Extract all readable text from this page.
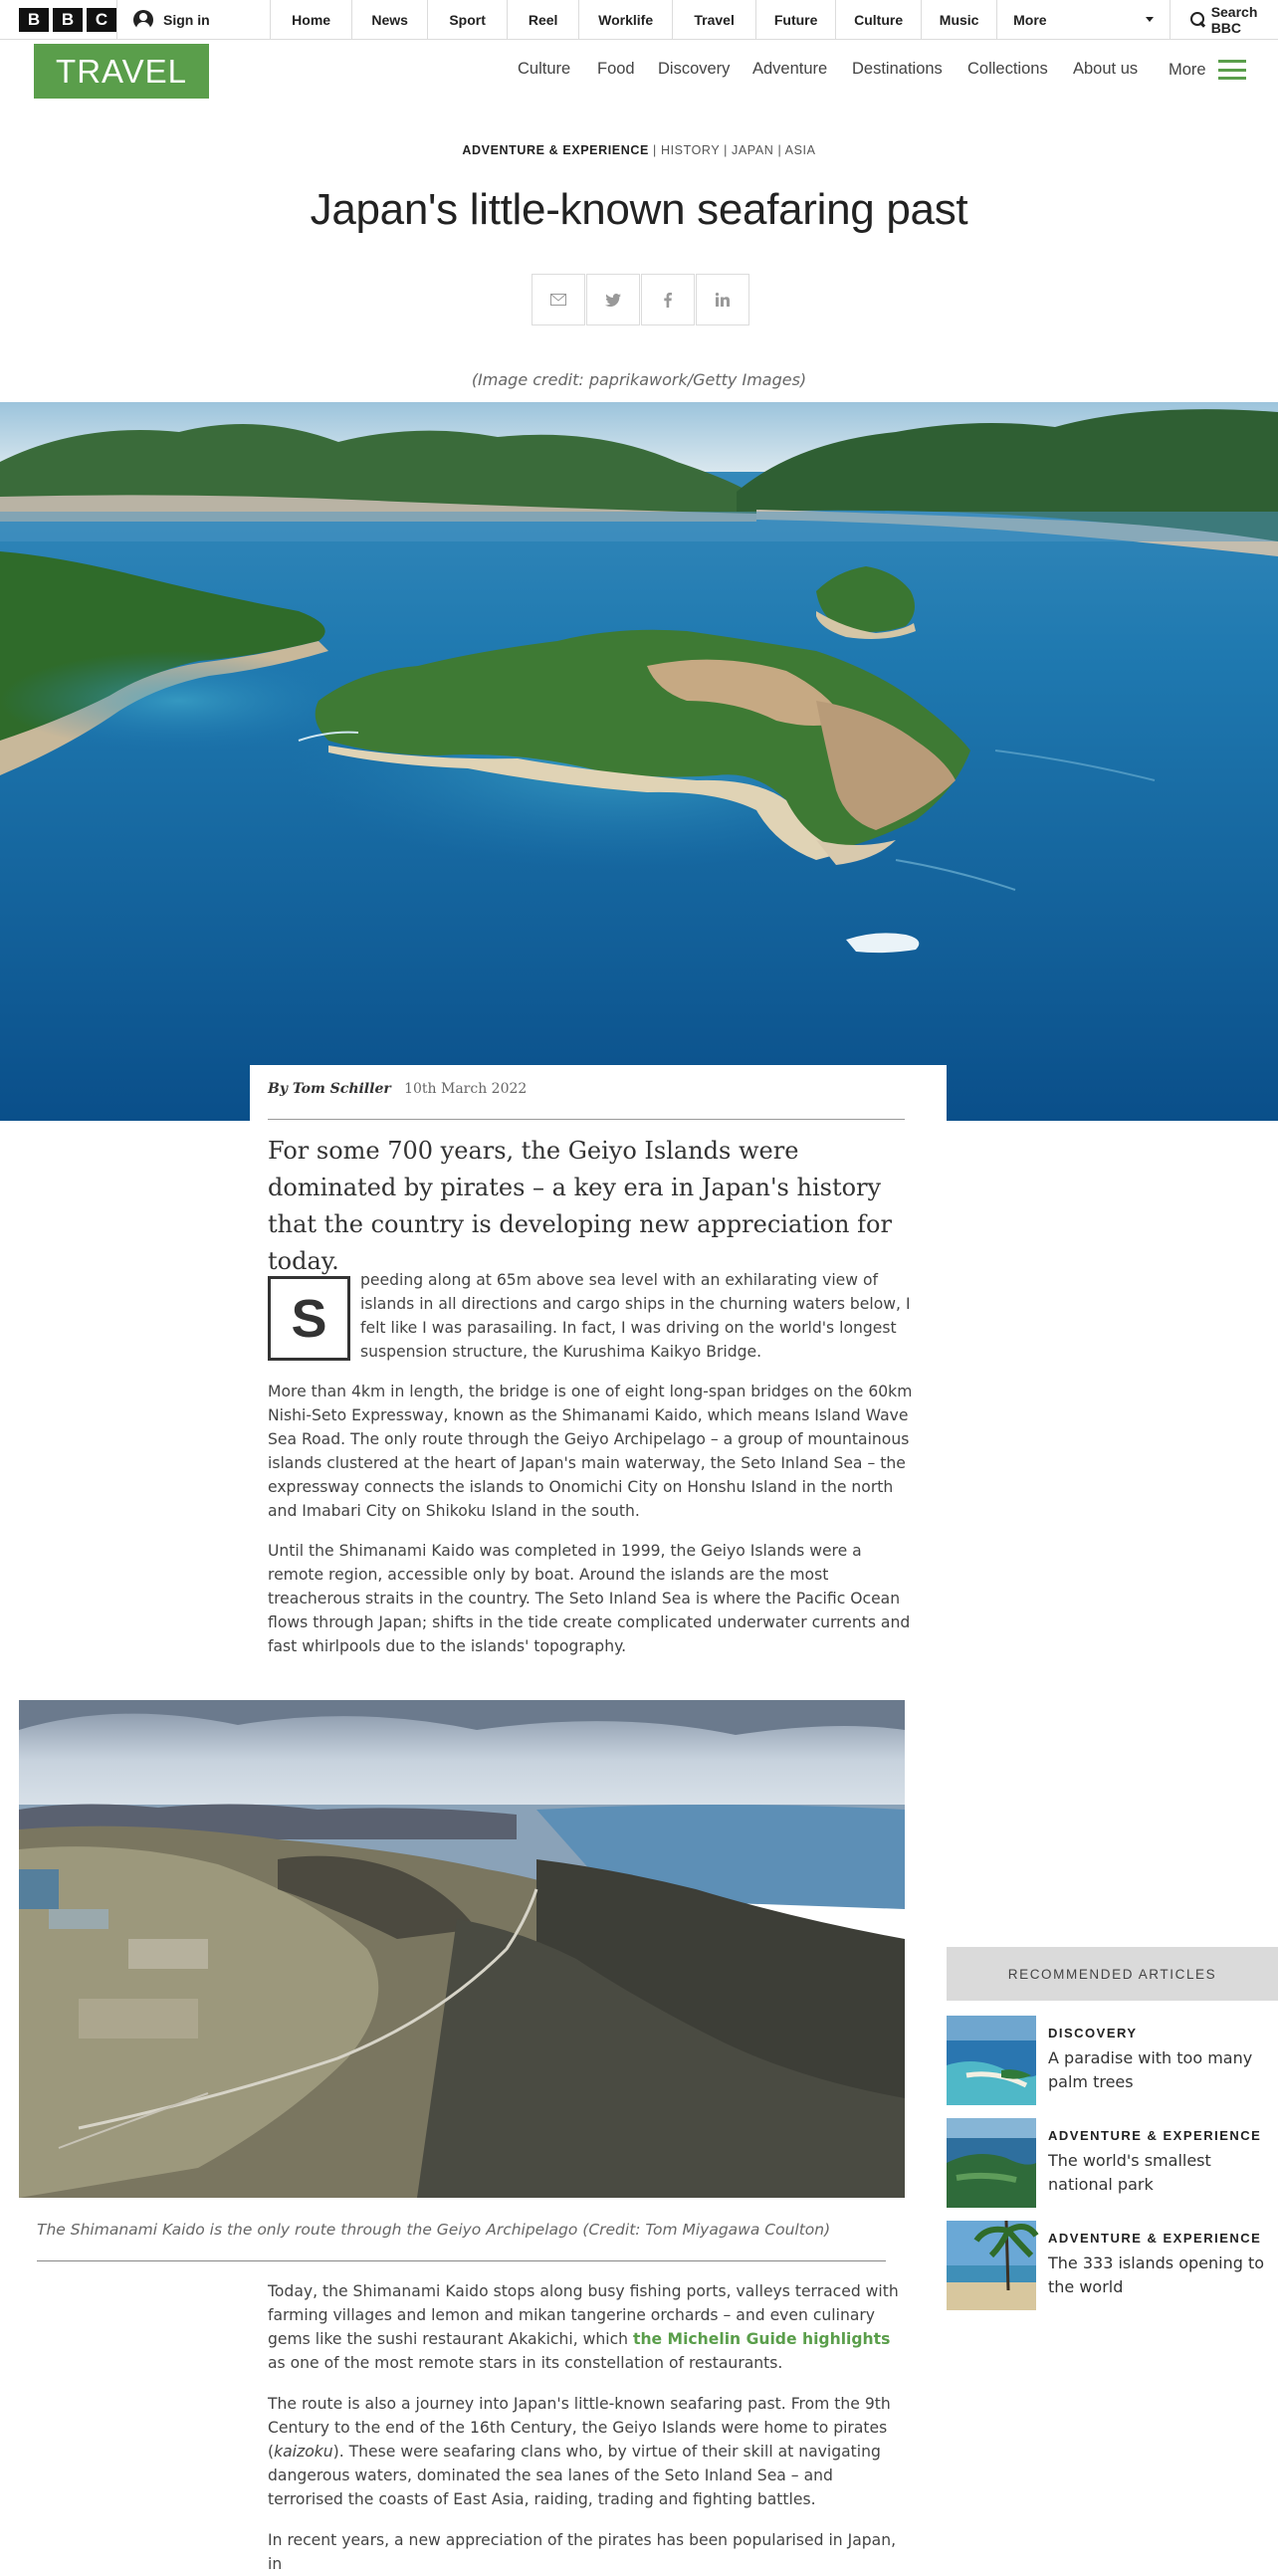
B	B	C	Sign in	Home	News	Sport	Reel	Worklife	Travel	Future	Culture	Music	More	Search BBC
TRAVEL	Culture Food Discovery Adventure Destinations Collections About us More
ADVENTURE & EXPERIENCE | HISTORY | JAPAN | ASIA
Japan's little-known seafaring past
(Image credit: paprikawork/Getty Images)
By Tom Schiller 10th March 2022

For some 700 years, the Geiyo Islands were dominated by pirates – a key era in Japan's history that the country is developing new appreciation for today.

S

peeding along at 65m above sea level with an exhilarating view of islands in all directions and cargo ships in the churning waters below, I felt like I was parasailing. In fact, I was driving on the world's longest suspension structure, the Kurushima Kaikyo Bridge.

More than 4km in length, the bridge is one of eight long-span bridges on the 60km Nishi-Seto Expressway, known as the Shimanami Kaido, which means Island Wave Sea Road. The only route through the Geiyo Archipelago – a group of mountainous islands clustered at the heart of Japan's main waterway, the Seto Inland Sea – the expressway connects the islands to Onomichi City on Honshu Island in the north and Imabari City on Shikoku Island in the south.

Until the Shimanami Kaido was completed in 1999, the Geiyo Islands were a remote region, accessible only by boat. Around the islands are the most treacherous straits in the country. The Seto Inland Sea is where the Pacific Ocean flows through Japan; shifts in the tide create complicated underwater currents and fast whirlpools due to the islands' topography.

The Shimanami Kaido is the only route through the Geiyo Archipelago (Credit: Tom Miyagawa Coulton)

Today, the Shimanami Kaido stops along busy fishing ports, valleys terraced with farming villages and lemon and mikan tangerine orchards – and even culinary gems like the sushi restaurant Akakichi, which the Michelin Guide highlights as one of the most remote stars in its constellation of restaurants.

The route is also a journey into Japan's little-known seafaring past. From the 9th Century to the end of the 16th Century, the Geiyo Islands were home to pirates (kaizoku). These were seafaring clans who, by virtue of their skill at navigating dangerous waters, dominated the sea lanes of the Seto Inland Sea – and terrorised the coasts of East Asia, raiding, trading and fighting battles.

In recent years, a new appreciation of the pirates has been popularised in Japan, in

RECOMMENDED ARTICLES
DISCOVERY
A paradise with too many palm trees
ADVENTURE & EXPERIENCE
The world's smallest national park
ADVENTURE & EXPERIENCE
The 333 islands opening to the world
